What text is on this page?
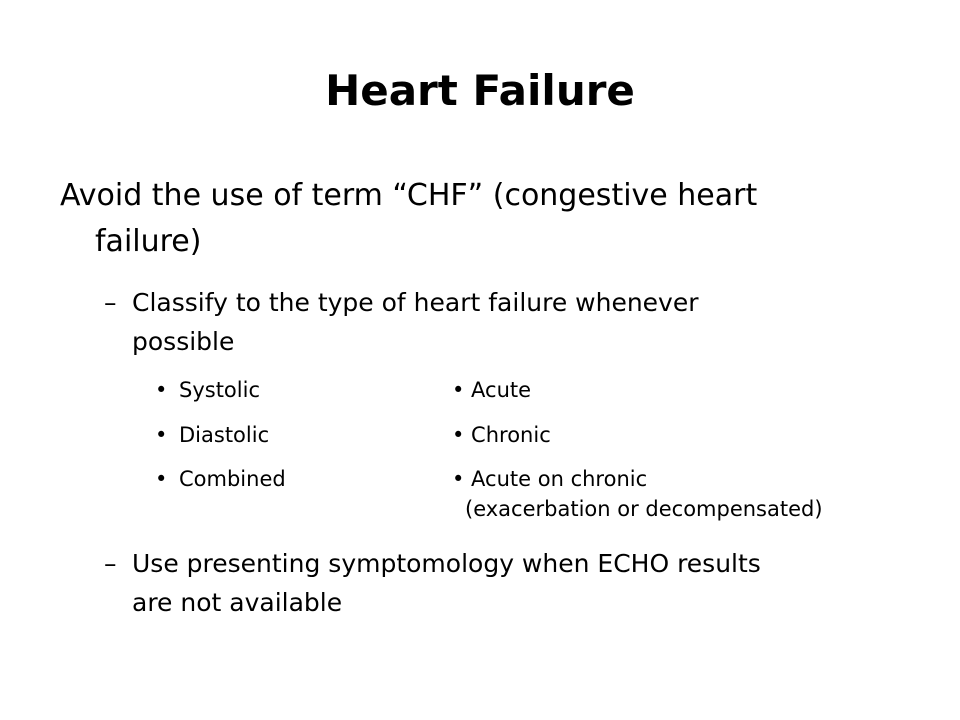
Heart Failure
Avoid the use of term “CHF” (congestive heart
failure)
– Classify to the type of heart failure whenever
possible
• Systolic	• Acute
• Diastolic	• Chronic
• Combined	• Acute on chronic
(exacerbation or decompensated)
– Use presenting symptomology when ECHO results
are not available
